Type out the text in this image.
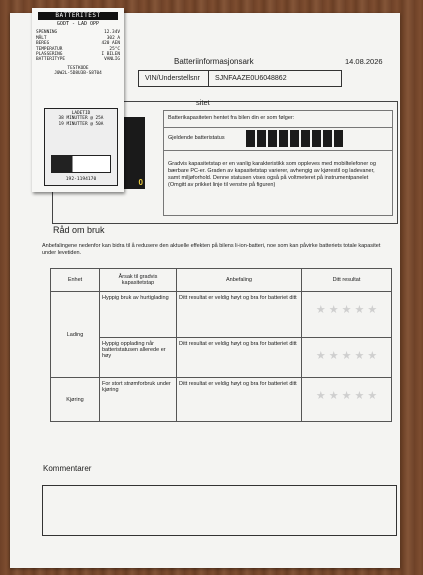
Batteriinformasjonsark	14.08.2026
VIN/Understellsnr	SJNFAAZE0U6048862
sitet
Batterikapasiteten hentet fra bilen din er som følger:
Gjeldende batteristatus
Gradvis kapasitetstap er en vanlig karakteristikk som oppleves med mobiltelefoner og bærbare PC-er. Graden av kapasitetstap varierer, avhengig av kjørestil og ladevaner, samt miljøforhold. Denne statusen vises også på voltmeteret på instrumentpanelet (Omgitt av prikket linje til venstre på figuren)
Råd om bruk
Anbefalingene nedenfor kan bidra til å redusere den aktuelle effekten på bilens li-ion-batteri, noe som kan påvirke batteriets totale kapasitet under levetiden.
Enhet	Årsak til gradvis kapasitetstap	Anbefaling	Ditt resultat
Lading	Hyppig bruk av hurtiglading	Ditt resultat er veldig høyt og bra for batteriet ditt	★ ★ ★ ★ ★

	Hyppig opplading når batteristatusen allerede er høy	Ditt resultat er veldig høyt og bra for batteriet ditt	★ ★ ★ ★ ★

Kjøring	For stort strømforbruk under kjøring	Ditt resultat er veldig høyt og bra for batteriet ditt	★ ★ ★ ★ ★
Kommentarer
0
BATTERITEST
GODT - LAD OPP
SPENNING	12.34V
MÅLT	302 A
BEREG	420 AEN
TEMPERATUR	25°C
PLASSERING	I BILEN
BATTERITYPE	VANLIG
TESTKODE
J0W2L-5D8U3B-S8T04
LADETID
38 MINUTTER @ 25A
19 MINUTTER @ 50A
192-1194170
